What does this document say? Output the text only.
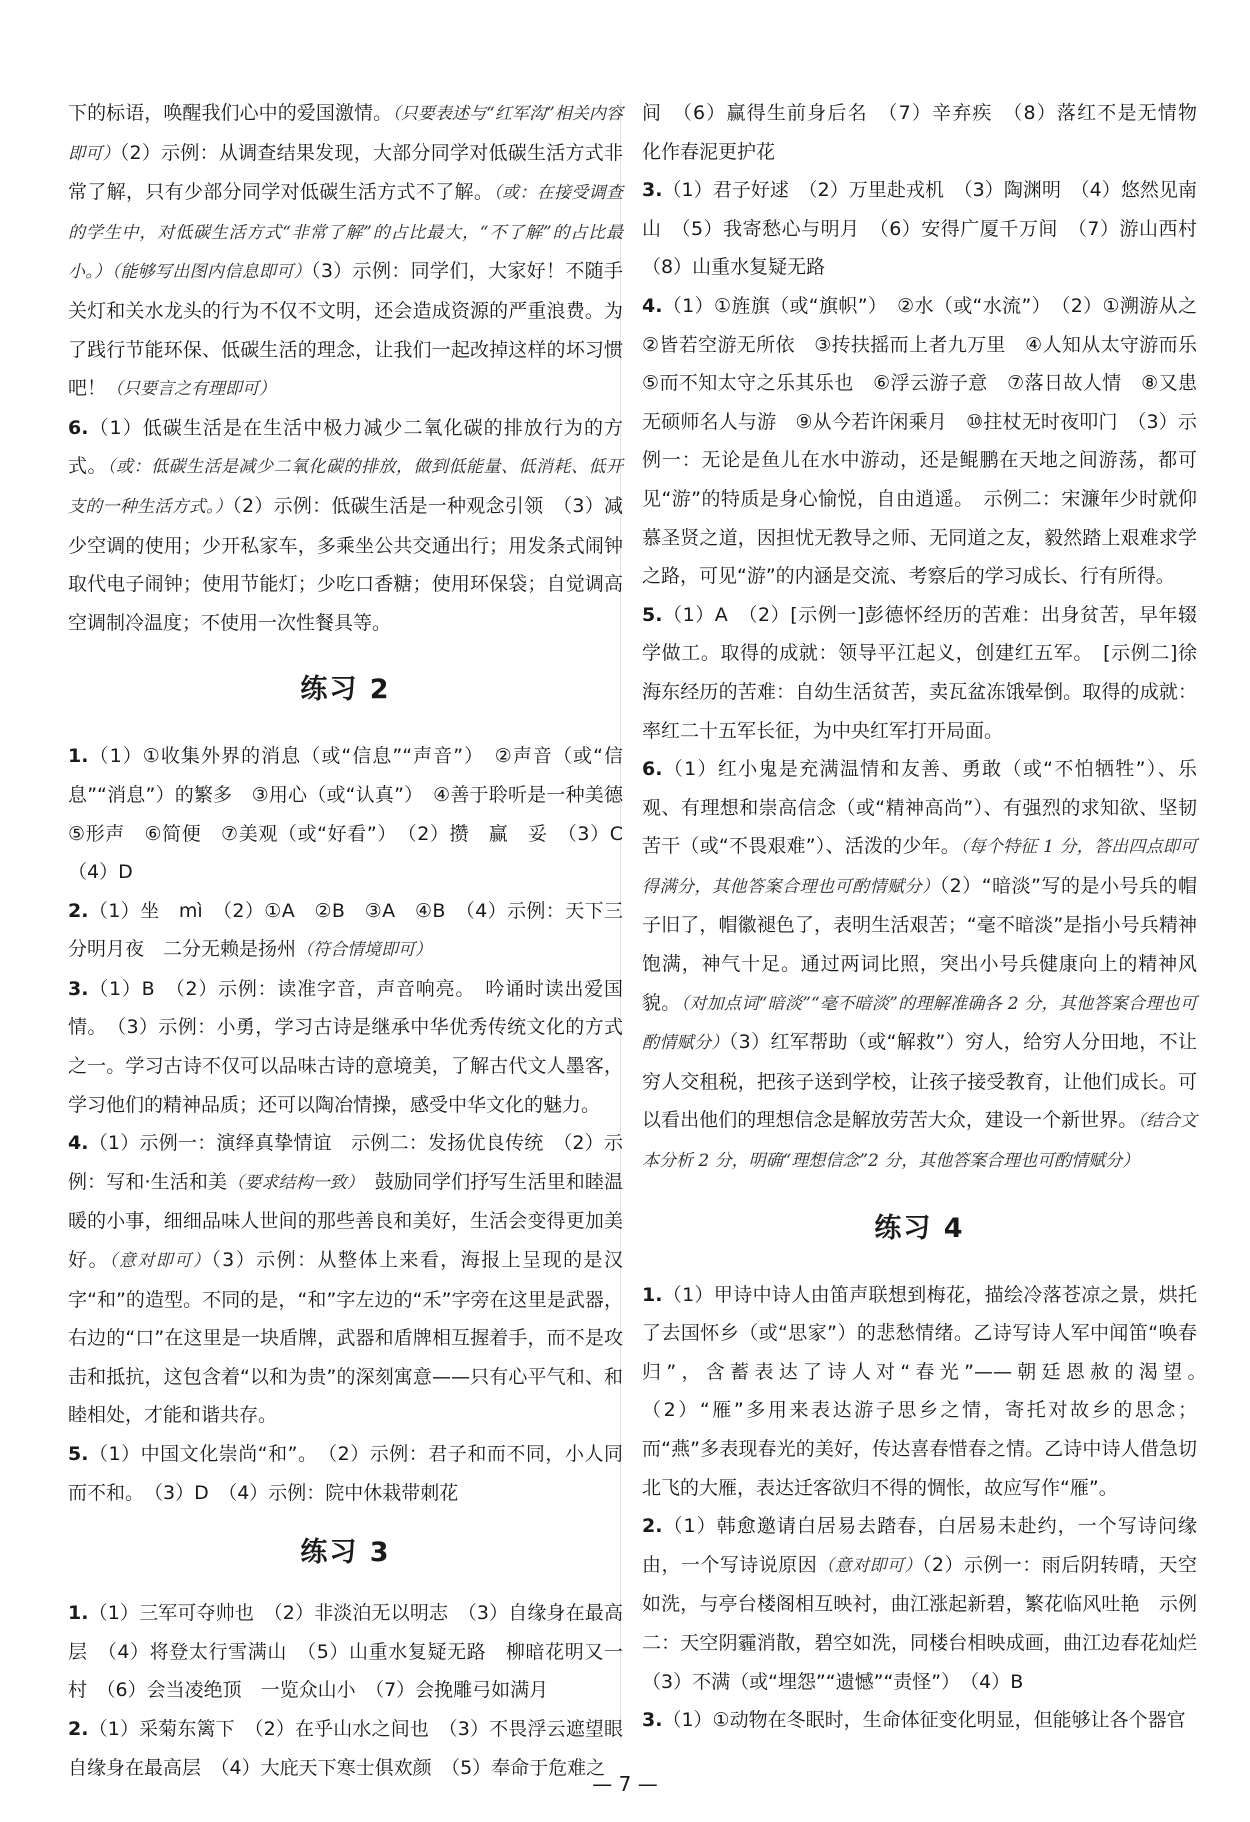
下的标语，唤醒我们心中的爱国激情。（只要表述与“红军沟”相关内容即可）（2）示例：从调查结果发现，大部分同学对低碳生活方式非常了解，只有少部分同学对低碳生活方式不了解。（或：在接受调查的学生中，对低碳生活方式“非常了解”的占比最大，“不了解”的占比最小。）（能够写出图内信息即可）（3）示例：同学们，大家好！不随手关灯和关水龙头的行为不仅不文明，还会造成资源的严重浪费。为了践行节能环保、低碳生活的理念，让我们一起改掉这样的坏习惯吧！（只要言之有理即可）

6.（1）低碳生活是在生活中极力减少二氧化碳的排放行为的方式。（或：低碳生活是减少二氧化碳的排放，做到低能量、低消耗、低开支的一种生活方式。）（2）示例：低碳生活是一种观念引领　（3）减少空调的使用；少开私家车，多乘坐公共交通出行；用发条式闹钟取代电子闹钟；使用节能灯；少吃口香糖；使用环保袋；自觉调高空调制冷温度；不使用一次性餐具等。

练习 2

1.（1）①收集外界的消息（或“信息”“声音”）　②声音（或“信息”“消息”）的繁多　③用心（或“认真”）　④善于聆听是一种美德　⑤形声　⑥简便　⑦美观（或“好看”）　（2）攒　赢　妥　（3）C　（4）D

2.（1）坐　mì　（2）①A　②B　③A　④B　（4）示例：天下三分明月夜　二分无赖是扬州（符合情境即可）

3.（1）B　（2）示例：读准字音，声音响亮。　吟诵时读出爱国情。　（3）示例：小勇，学习古诗是继承中华优秀传统文化的方式之一。学习古诗不仅可以品味古诗的意境美，了解古代文人墨客，学习他们的精神品质；还可以陶冶情操，感受中华文化的魅力。

4.（1）示例一：演绎真挚情谊　示例二：发扬优良传统　（2）示例：写和·生活和美（要求结构一致）　鼓励同学们抒写生活里和睦温暖的小事，细细品味人世间的那些善良和美好，生活会变得更加美好。（意对即可）（3）示例：从整体上来看，海报上呈现的是汉字“和”的造型。不同的是，“和”字左边的“禾”字旁在这里是武器，右边的“口”在这里是一块盾牌，武器和盾牌相互握着手，而不是攻击和抵抗，这包含着“以和为贵”的深刻寓意——只有心平气和、和睦相处，才能和谐共存。

5.（1）中国文化崇尚“和”。　（2）示例：君子和而不同，小人同而不和。　（3）D　（4）示例：院中休栽带刺花

练习 3

1.（1）三军可夺帅也　（2）非淡泊无以明志　（3）自缘身在最高层　（4）将登太行雪满山　（5）山重水复疑无路　柳暗花明又一村　（6）会当凌绝顶　一览众山小　（7）会挽雕弓如满月

2.（1）采菊东篱下　（2）在乎山水之间也　（3）不畏浮云遮望眼　自缘身在最高层　（4）大庇天下寒士俱欢颜　（5）奉命于危难之

间　（6）赢得生前身后名　（7）辛弃疾　（8）落红不是无情物　化作春泥更护花

3.（1）君子好逑　（2）万里赴戎机　（3）陶渊明　（4）悠然见南山　（5）我寄愁心与明月　（6）安得广厦千万间　（7）游山西村　（8）山重水复疑无路

4.（1）①旌旗（或“旗帜”）　②水（或“水流”）　（2）①溯游从之　②皆若空游无所依　③抟扶摇而上者九万里　④人知从太守游而乐　⑤而不知太守之乐其乐也　⑥浮云游子意　⑦落日故人情　⑧又患无硕师名人与游　⑨从今若许闲乘月　⑩拄杖无时夜叩门　（3）示例一：无论是鱼儿在水中游动，还是鲲鹏在天地之间游荡，都可见“游”的特质是身心愉悦，自由逍遥。　示例二：宋濂年少时就仰慕圣贤之道，因担忧无教导之师、无同道之友，毅然踏上艰难求学之路，可见“游”的内涵是交流、考察后的学习成长、行有所得。

5.（1）A　（2）[示例一]彭德怀经历的苦难：出身贫苦，早年辍学做工。取得的成就：领导平江起义，创建红五军。　[示例二]徐海东经历的苦难：自幼生活贫苦，卖瓦盆冻饿晕倒。取得的成就：率红二十五军长征，为中央红军打开局面。

6.（1）红小鬼是充满温情和友善、勇敢（或“不怕牺牲”）、乐观、有理想和崇高信念（或“精神高尚”）、有强烈的求知欲、坚韧苦干（或“不畏艰难”）、活泼的少年。（每个特征 1 分，答出四点即可得满分，其他答案合理也可酌情赋分）（2）“暗淡”写的是小号兵的帽子旧了，帽徽褪色了，表明生活艰苦；“毫不暗淡”是指小号兵精神饱满，神气十足。通过两词比照，突出小号兵健康向上的精神风貌。（对加点词“暗淡”“毫不暗淡”的理解准确各 2 分，其他答案合理也可酌情赋分）（3）红军帮助（或“解救”）穷人，给穷人分田地，不让穷人交租税，把孩子送到学校，让孩子接受教育，让他们成长。可以看出他们的理想信念是解放劳苦大众，建设一个新世界。（结合文本分析 2 分，明确“理想信念”2 分，其他答案合理也可酌情赋分）

练习 4

1.（1）甲诗中诗人由笛声联想到梅花，描绘冷落苍凉之景，烘托了去国怀乡（或“思家”）的悲愁情绪。乙诗写诗人军中闻笛“唤春归”，含蓄表达了诗人对“春光”——朝廷恩赦的渴望。　（2）“雁”多用来表达游子思乡之情，寄托对故乡的思念；而“燕”多表现春光的美好，传达喜春惜春之情。乙诗中诗人借急切北飞的大雁，表达迁客欲归不得的惆怅，故应写作“雁”。

2.（1）韩愈邀请白居易去踏春，白居易未赴约，一个写诗问缘由，一个写诗说原因（意对即可）（2）示例一：雨后阴转晴，天空如洗，与亭台楼阁相互映衬，曲江涨起新碧，繁花临风吐艳　示例二：天空阴霾消散，碧空如洗，同楼台相映成画，曲江边春花灿烂　（3）不满（或“埋怨”“遗憾”“责怪”）　（4）B

3.（1）①动物在冬眠时，生命体征变化明显，但能够让各个器官

— 7 —
